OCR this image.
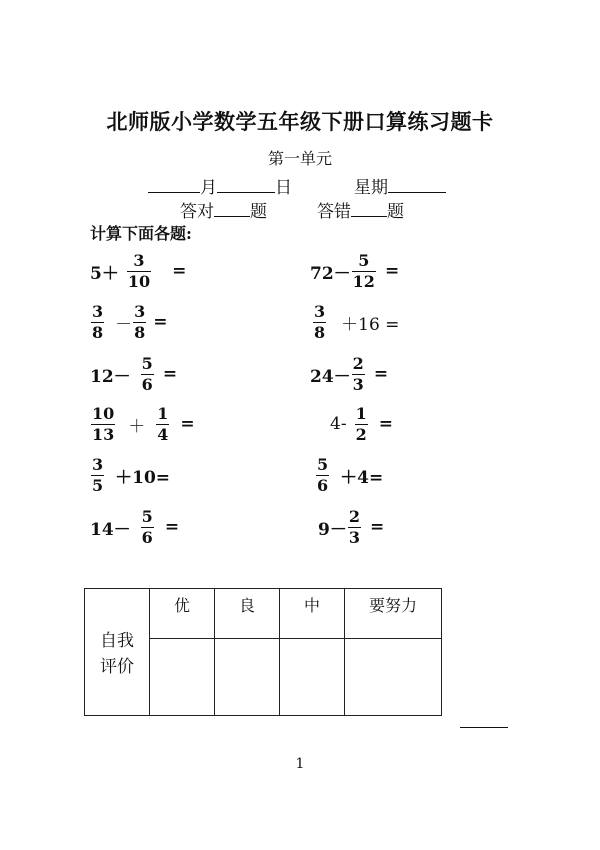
北师版小学数学五年级下册口算练习题卡
第一单元
月	日	星期
答对 题	答错 题
计算下面各题:
$5+ \frac{3}{10}$ =	$72- \frac{5}{12}$ =
$\frac{3}{8} - \frac{3}{8}$ =	$\frac{3}{8} +16$ =
$12- \frac{5}{6}$ =	$24- \frac{2}{3}$ =
$\frac{10}{13} + \frac{1}{4}$ =	$4- \frac{1}{2}$ =
$\frac{3}{5} +10=$	$\frac{5}{6} +4=$
$14- \frac{5}{6}$ =	$9- \frac{2}{3}$ =
自我
评价	优	良	中	要努力

1
